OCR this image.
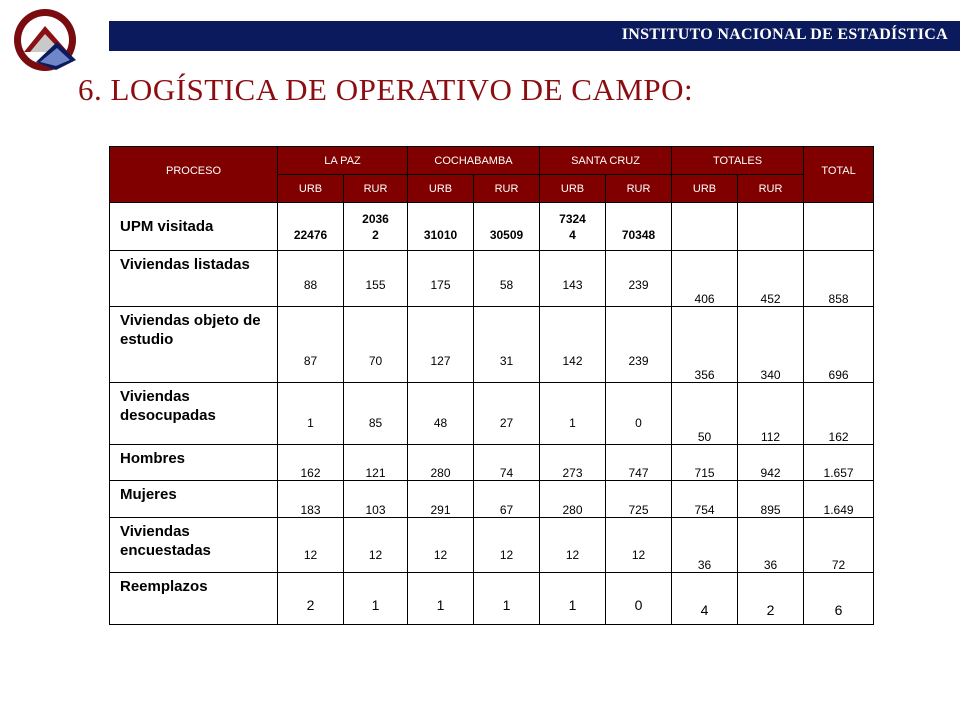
INSTITUTO NACIONAL DE ESTADÍSTICA
6. LOGÍSTICA DE OPERATIVO DE CAMPO:
PROCESO	LA PAZ		COCHABAMBA		SANTA CRUZ		TOTALES		TOTAL
	URB	RUR	URB	RUR	URB	RUR	URB	RUR	
UPM visitada	22476	20362	31010	30509	73244	70348			
Viviendas listadas	88	155	175	58	143	239	406	452	858
Viviendas objeto de estudio	87	70	127	31	142	239	356	340	696
Viviendas desocupadas	1	85	48	27	1	0	50	112	162
Hombres	162	121	280	74	273	747	715	942	1.657
Mujeres	183	103	291	67	280	725	754	895	1.649
Viviendas encuestadas	12	12	12	12	12	12	36	36	72
Reemplazos	2	1	1	1	1	0	4	2	6
